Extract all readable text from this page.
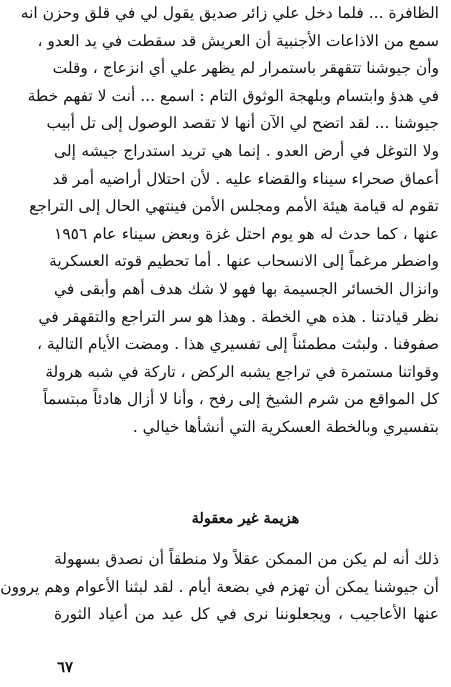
الظافرة ... فلما دخل علي زائر صديق يقول لي في قلق وحزن انه
سمع من الاذاعات الأجنبية أن العريش قد سقطت في يد العدو ،
وأن جيوشنا تتقهقر باستمرار لم يظهر علي أي انزعاج ، وقلت
في هدؤ وابتسام وبلهجة الوثوق التام : اسمع ... أنت لا تفهم خطة
جيوشنا ... لقد اتضح لي الآن أنها لا تقصد الوصول إلى تل أبيب
ولا التوغل في أرض العدو . إنما هي تريد استدراج جيشه إلى
أعماق صحراء سيناء والقضاء عليه . لأن احتلال أراضيه أمر قد
تقوم له قيامة هيئة الأمم ومجلس الأمن فينتهي الحال إلى التراجع
عنها ، كما حدث له هو يوم احتل غزة وبعض سيناء عام ١٩٥٦
واضطر مرغماً إلى الانسحاب عنها . أما تحطيم قوته العسكرية
وانزال الخسائر الجسيمة بها فهو لا شك هدف أهم وأبقى في
نظر قيادتنا . هذه هي الخطة . وهذا هو سر التراجع والتقهقر في
صفوفنا . ولبثت مطمئناً إلى تفسيري هذا . ومضت الأيام التالية ،
وقواتنا مستمرة في تراجع يشبه الركض ، تاركة في شبه هرولة
كل المواقع من شرم الشيخ إلى رفح ، وأنا لا أزال هادئاً مبتسماً
بتفسيري وبالخطة العسكرية التي أنشأها خيالي .
هزيمة غير معقولة
ذلك أنه لم يكن من الممكن عقلاً ولا منطقاً أن نصدق بسهولة
أن جيوشنا يمكن أن تهزم في بضعة أيام . لقد لبثنا الأعوام وهم يروون
عنها الأعاجيب ، ويجعلوننا نرى في كل عيد من أعياد الثورة
٦٧
